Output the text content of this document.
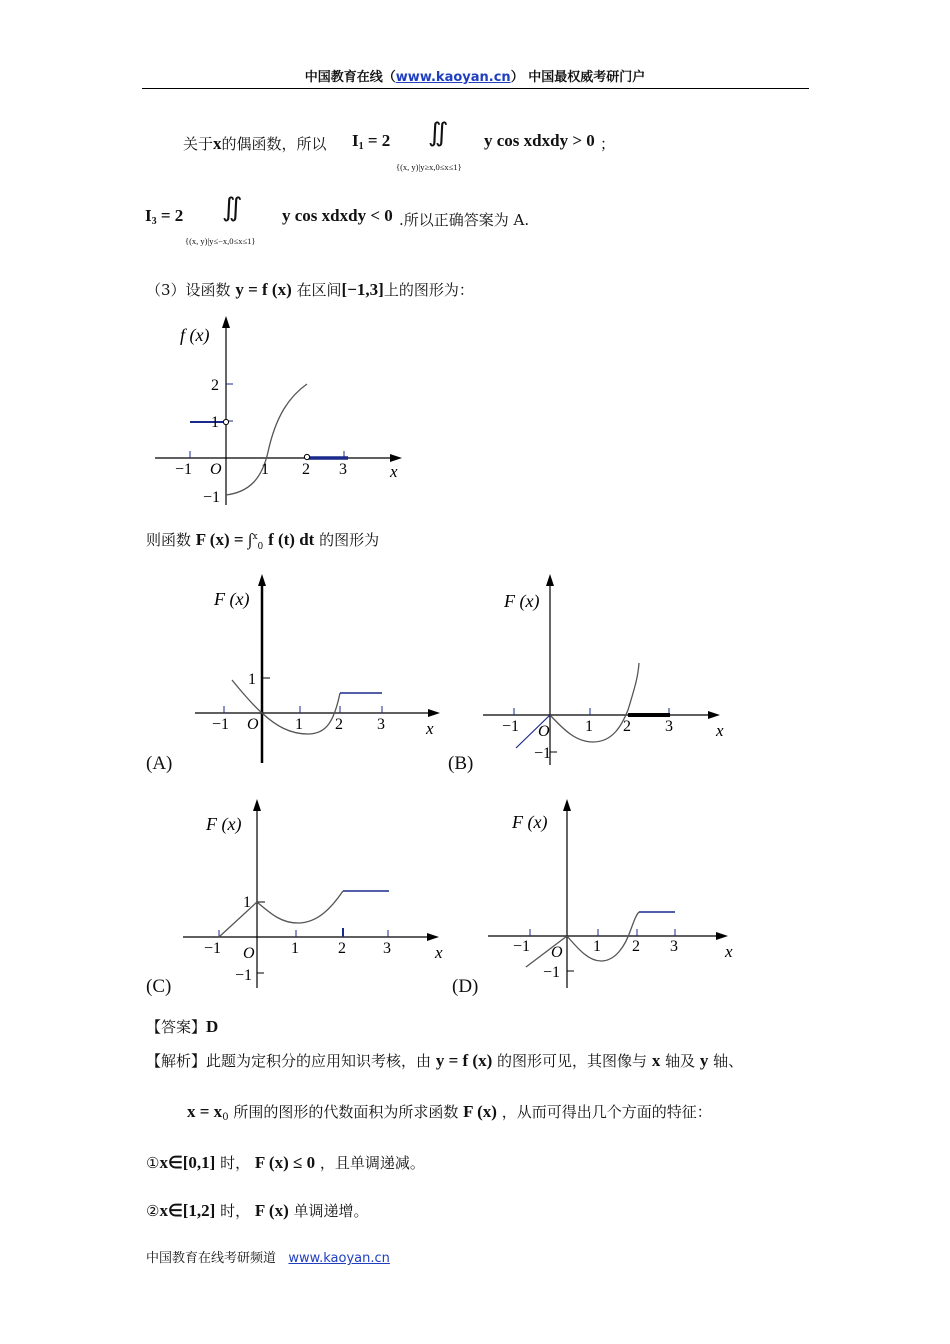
中国教育在线（www.kaoyan.cn） 中国最权威考研门户
关于x的偶函数，所以 $I_1 = 2$ ∬
{(x, y)|y≥x,0≤x≤1}
y cos xdxdy > 0 ；
$I_3 = 2$ ∬
{(x, y)|y≤−x,0≤x≤1}
y cos xdxdy < 0 .所以正确答案为 A.
（3）设函数 y = f (x) 在区间[−1,3]上的图形为：
f (x)
x
2
1
−1
−1 O 1 2 3
则函数 F (x) = ∫$^x_0$ f (t) dt 的图形为
F (x)
x
1
−1 O 1 2 3
(A)
F (x)
x
−1 O 1 2 3
−1
(B)
F (x)
x
1
−1 O 1 2 3
−1
(C)
F (x)
x
−1 O 1 2 3
−1
(D)
【答案】D
【解析】此题为定积分的应用知识考核，由 y = f (x) 的图形可见，其图像与 x 轴及 y 轴、
$x = x_0$ 所围的图形的代数面积为所求函数 F (x) ，从而可得出几个方面的特征：
①x∈[0,1] 时， F (x) ≤ 0 ，且单调递减。
②x∈[1,2] 时， F (x) 单调递增。
中国教育在线考研频道 www.kaoyan.cn
